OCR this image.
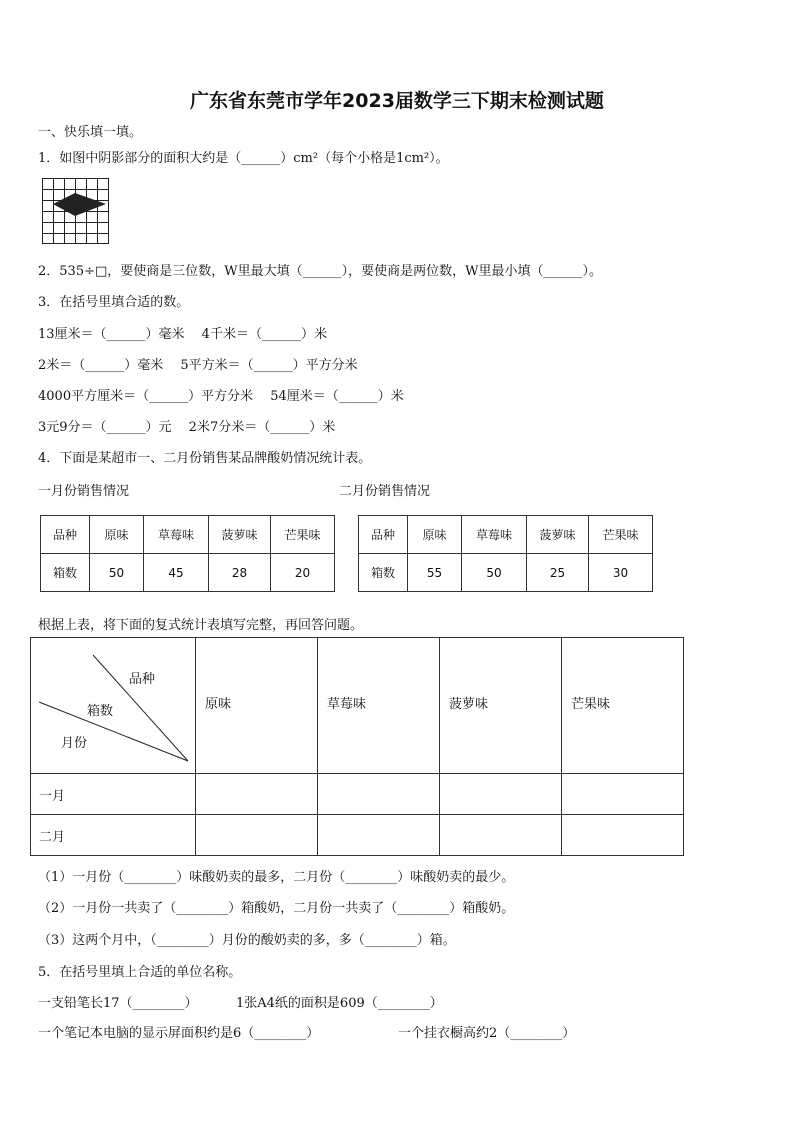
广东省东莞市学年2023届数学三下期末检测试题
一、快乐填一填。
1．如图中阴影部分的面积大约是（______）cm²（每个小格是1cm²）。
2．535÷□，要使商是三位数，W里最大填（______），要使商是两位数，W里最小填（______）。
3．在括号里填合适的数。
13厘米＝（______）毫米　 4千米＝（______）米
2米＝（______）毫米　 5平方米＝（______）平方分米
4000平方厘米＝（______）平方分米　 54厘米＝（______）米
3元9分＝（______）元　 2米7分米＝（______）米
4．下面是某超市一、二月份销售某品牌酸奶情况统计表。
一月份销售情况	二月份销售情况
品种	原味	草莓味	菠萝味	芒果味
箱数	50	45	28	20
品种	原味	草莓味	菠萝味	芒果味
箱数	55	50	25	30
根据上表，将下面的复式统计表填写完整，再回答问题。
品种
箱数
月份	原味	草莓味	菠萝味	芒果味
一月				
二月				
（1）一月份（________）味酸奶卖的最多，二月份（________）味酸奶卖的最少。
（2）一月份一共卖了（________）箱酸奶，二月份一共卖了（________）箱酸奶。
（3）这两个月中，（________）月份的酸奶卖的多，多（________）箱。
5．在括号里填上合适的单位名称。
一支铅笔长17（________）	1张A4纸的面积是609（________）
一个笔记本电脑的显示屏面积约是6（________）	一个挂衣橱高约2（________）
